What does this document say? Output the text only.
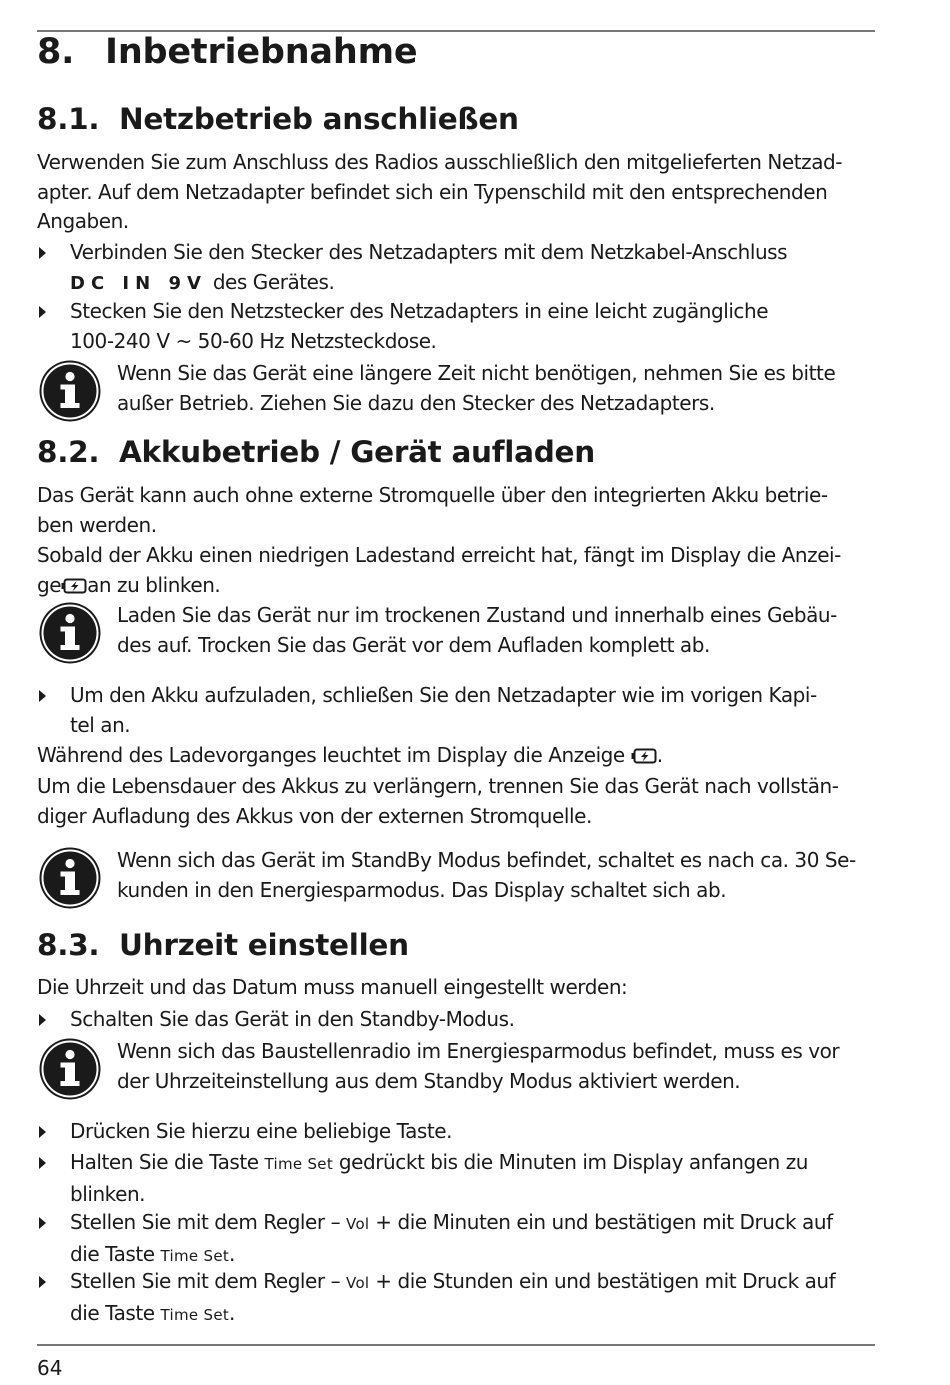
8. Inbetriebnahme
8.1. Netzbetrieb anschließen
Verwenden Sie zum Anschluss des Radios ausschließlich den mitgelieferten Netzad-
apter. Auf dem Netzadapter befindet sich ein Typenschild mit den entsprechenden
Angaben.
Verbinden Sie den Stecker des Netzadapters mit dem Netzkabel-Anschluss
DC IN 9V des Gerätes.
Stecken Sie den Netzstecker des Netzadapters in eine leicht zugängliche
100-240 V ~ 50-60 Hz Netzsteckdose.
Wenn Sie das Gerät eine längere Zeit nicht benötigen, nehmen Sie es bitte
außer Betrieb. Ziehen Sie dazu den Stecker des Netzadapters.
8.2. Akkubetrieb / Gerät aufladen
Das Gerät kann auch ohne externe Stromquelle über den integrierten Akku betrie-
ben werden.
Sobald der Akku einen niedrigen Ladestand erreicht hat, fängt im Display die Anzei-
ge an zu blinken.
Laden Sie das Gerät nur im trockenen Zustand und innerhalb eines Gebäu-
des auf. Trocken Sie das Gerät vor dem Aufladen komplett ab.
Um den Akku aufzuladen, schließen Sie den Netzadapter wie im vorigen Kapi-
tel an.
Während des Ladevorganges leuchtet im Display die Anzeige .
Um die Lebensdauer des Akkus zu verlängern, trennen Sie das Gerät nach vollstän-
diger Aufladung des Akkus von der externen Stromquelle.
Wenn sich das Gerät im StandBy Modus befindet, schaltet es nach ca. 30 Se-
kunden in den Energiesparmodus. Das Display schaltet sich ab.
8.3. Uhrzeit einstellen
Die Uhrzeit und das Datum muss manuell eingestellt werden:
Schalten Sie das Gerät in den Standby-Modus.
Wenn sich das Baustellenradio im Energiesparmodus befindet, muss es vor
der Uhrzeiteinstellung aus dem Standby Modus aktiviert werden.
Drücken Sie hierzu eine beliebige Taste.
Halten Sie die Taste Time Set gedrückt bis die Minuten im Display anfangen zu
blinken.
Stellen Sie mit dem Regler – Vol + die Minuten ein und bestätigen mit Druck auf
die Taste Time Set.
Stellen Sie mit dem Regler – Vol + die Stunden ein und bestätigen mit Druck auf
die Taste Time Set.
64
